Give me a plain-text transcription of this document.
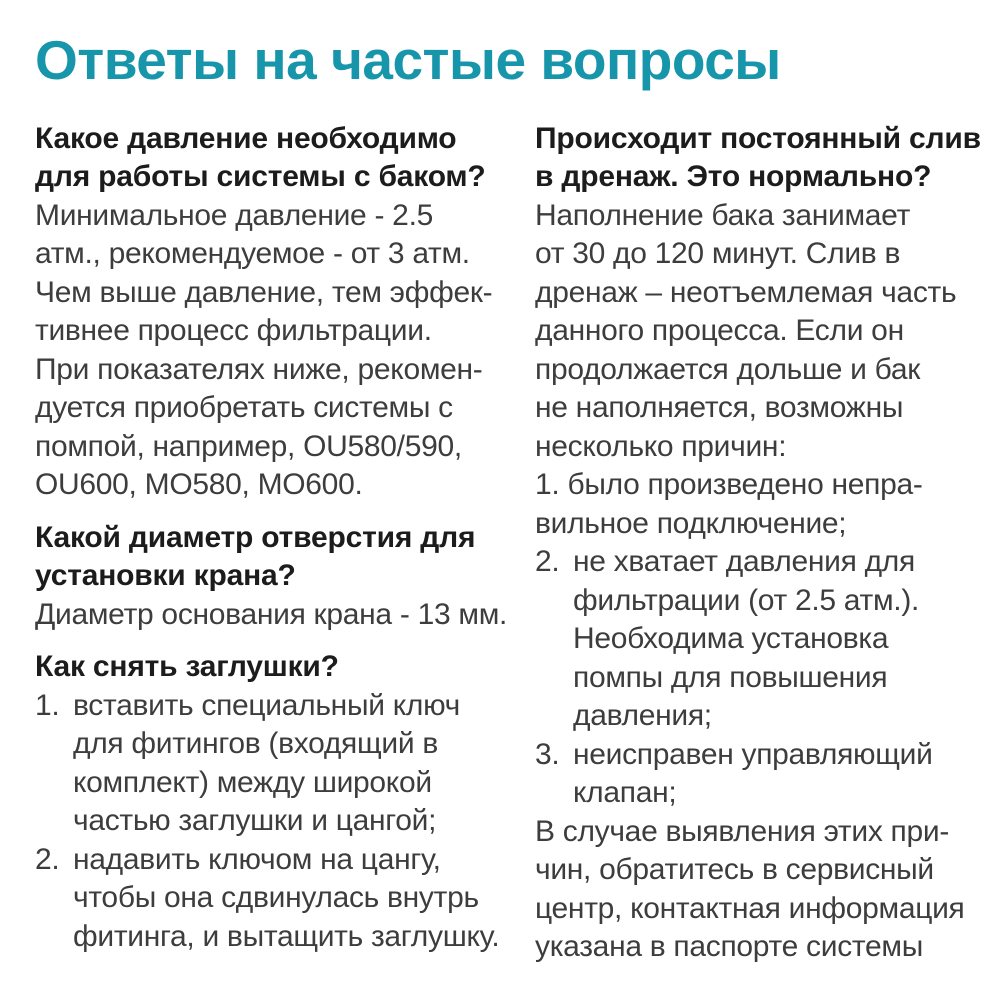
Ответы на частые вопросы
Какое давление необходимо
для работы системы с баком?
Минимальное давление - 2.5
атм., рекомендуемое - от 3 атм.
Чем выше давление, тем эффек-
тивнее процесс фильтрации.
При показателях ниже, рекомен-
дуется приобретать системы с
помпой, например, OU580/590,
OU600, MO580, MO600.
Какой диаметр отверстия для
установки крана?
Диаметр основания крана - 13 мм.
Как снять заглушки?
1. вставить специальный ключ
для фитингов (входящий в
комплект) между широкой
частью заглушки и цангой;
2. надавить ключом на цангу,
чтобы она сдвинулась внутрь
фитинга, и вытащить заглушку.
Происходит постоянный слив
в дренаж. Это нормально?
Наполнение бака занимает
от 30 до 120 минут. Слив в
дренаж – неотъемлемая часть
данного процесса. Если он
продолжается дольше и бак
не наполняется, возможны
несколько причин:
1. было произведено непра-
вильное подключение;
2. не хватает давления для
фильтрации (от 2.5 атм.).
Необходима установка
помпы для повышения
давления;
3. неисправен управляющий
клапан;
В случае выявления этих при-
чин, обратитесь в сервисный
центр, контактная информация
указана в паспорте системы
